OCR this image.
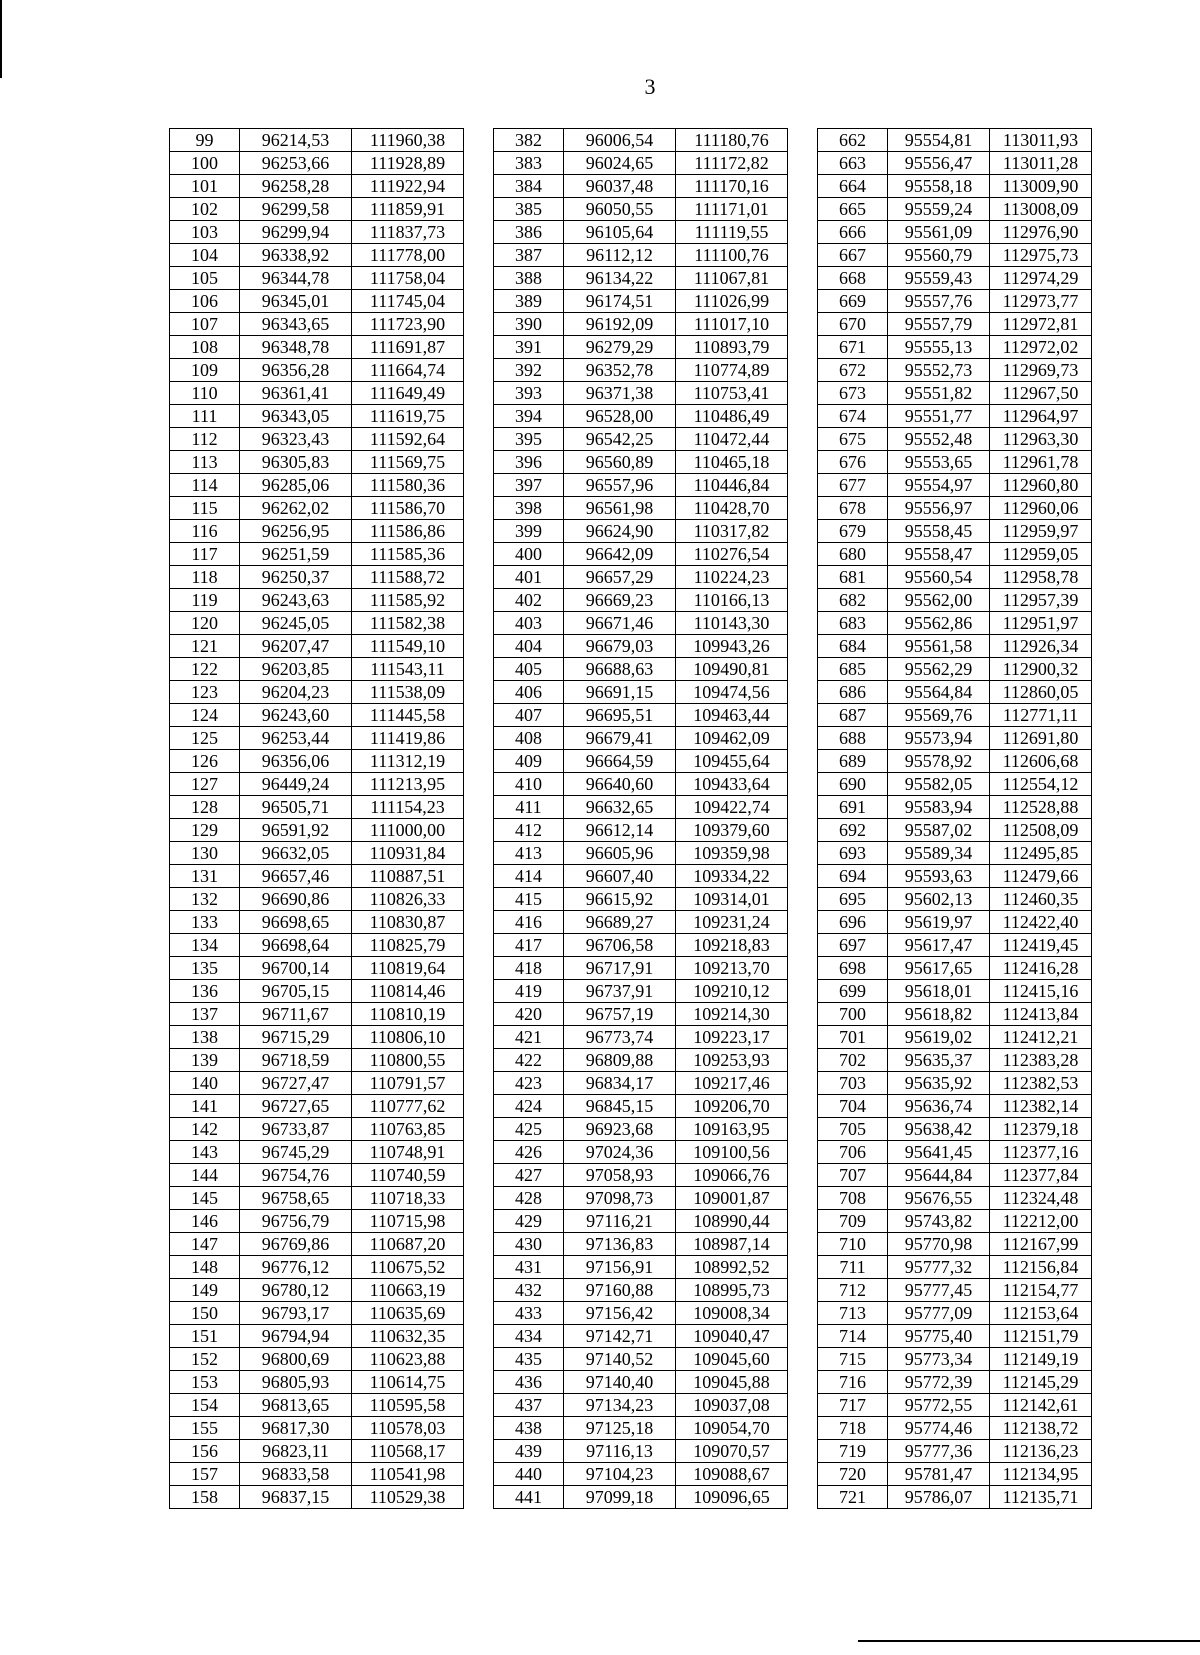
3
99	96214,53	111960,38		382	96006,54	111180,76		662	95554,81	113011,93
100	96253,66	111928,89		383	96024,65	111172,82		663	95556,47	113011,28
101	96258,28	111922,94		384	96037,48	111170,16		664	95558,18	113009,90
102	96299,58	111859,91		385	96050,55	111171,01		665	95559,24	113008,09
103	96299,94	111837,73		386	96105,64	111119,55		666	95561,09	112976,90
104	96338,92	111778,00		387	96112,12	111100,76		667	95560,79	112975,73
105	96344,78	111758,04		388	96134,22	111067,81		668	95559,43	112974,29
106	96345,01	111745,04		389	96174,51	111026,99		669	95557,76	112973,77
107	96343,65	111723,90		390	96192,09	111017,10		670	95557,79	112972,81
108	96348,78	111691,87		391	96279,29	110893,79		671	95555,13	112972,02
109	96356,28	111664,74		392	96352,78	110774,89		672	95552,73	112969,73
110	96361,41	111649,49		393	96371,38	110753,41		673	95551,82	112967,50
111	96343,05	111619,75		394	96528,00	110486,49		674	95551,77	112964,97
112	96323,43	111592,64		395	96542,25	110472,44		675	95552,48	112963,30
113	96305,83	111569,75		396	96560,89	110465,18		676	95553,65	112961,78
114	96285,06	111580,36		397	96557,96	110446,84		677	95554,97	112960,80
115	96262,02	111586,70		398	96561,98	110428,70		678	95556,97	112960,06
116	96256,95	111586,86		399	96624,90	110317,82		679	95558,45	112959,97
117	96251,59	111585,36		400	96642,09	110276,54		680	95558,47	112959,05
118	96250,37	111588,72		401	96657,29	110224,23		681	95560,54	112958,78
119	96243,63	111585,92		402	96669,23	110166,13		682	95562,00	112957,39
120	96245,05	111582,38		403	96671,46	110143,30		683	95562,86	112951,97
121	96207,47	111549,10		404	96679,03	109943,26		684	95561,58	112926,34
122	96203,85	111543,11		405	96688,63	109490,81		685	95562,29	112900,32
123	96204,23	111538,09		406	96691,15	109474,56		686	95564,84	112860,05
124	96243,60	111445,58		407	96695,51	109463,44		687	95569,76	112771,11
125	96253,44	111419,86		408	96679,41	109462,09		688	95573,94	112691,80
126	96356,06	111312,19		409	96664,59	109455,64		689	95578,92	112606,68
127	96449,24	111213,95		410	96640,60	109433,64		690	95582,05	112554,12
128	96505,71	111154,23		411	96632,65	109422,74		691	95583,94	112528,88
129	96591,92	111000,00		412	96612,14	109379,60		692	95587,02	112508,09
130	96632,05	110931,84		413	96605,96	109359,98		693	95589,34	112495,85
131	96657,46	110887,51		414	96607,40	109334,22		694	95593,63	112479,66
132	96690,86	110826,33		415	96615,92	109314,01		695	95602,13	112460,35
133	96698,65	110830,87		416	96689,27	109231,24		696	95619,97	112422,40
134	96698,64	110825,79		417	96706,58	109218,83		697	95617,47	112419,45
135	96700,14	110819,64		418	96717,91	109213,70		698	95617,65	112416,28
136	96705,15	110814,46		419	96737,91	109210,12		699	95618,01	112415,16
137	96711,67	110810,19		420	96757,19	109214,30		700	95618,82	112413,84
138	96715,29	110806,10		421	96773,74	109223,17		701	95619,02	112412,21
139	96718,59	110800,55		422	96809,88	109253,93		702	95635,37	112383,28
140	96727,47	110791,57		423	96834,17	109217,46		703	95635,92	112382,53
141	96727,65	110777,62		424	96845,15	109206,70		704	95636,74	112382,14
142	96733,87	110763,85		425	96923,68	109163,95		705	95638,42	112379,18
143	96745,29	110748,91		426	97024,36	109100,56		706	95641,45	112377,16
144	96754,76	110740,59		427	97058,93	109066,76		707	95644,84	112377,84
145	96758,65	110718,33		428	97098,73	109001,87		708	95676,55	112324,48
146	96756,79	110715,98		429	97116,21	108990,44		709	95743,82	112212,00
147	96769,86	110687,20		430	97136,83	108987,14		710	95770,98	112167,99
148	96776,12	110675,52		431	97156,91	108992,52		711	95777,32	112156,84
149	96780,12	110663,19		432	97160,88	108995,73		712	95777,45	112154,77
150	96793,17	110635,69		433	97156,42	109008,34		713	95777,09	112153,64
151	96794,94	110632,35		434	97142,71	109040,47		714	95775,40	112151,79
152	96800,69	110623,88		435	97140,52	109045,60		715	95773,34	112149,19
153	96805,93	110614,75		436	97140,40	109045,88		716	95772,39	112145,29
154	96813,65	110595,58		437	97134,23	109037,08		717	95772,55	112142,61
155	96817,30	110578,03		438	97125,18	109054,70		718	95774,46	112138,72
156	96823,11	110568,17		439	97116,13	109070,57		719	95777,36	112136,23
157	96833,58	110541,98		440	97104,23	109088,67		720	95781,47	112134,95
158	96837,15	110529,38		441	97099,18	109096,65		721	95786,07	112135,71
